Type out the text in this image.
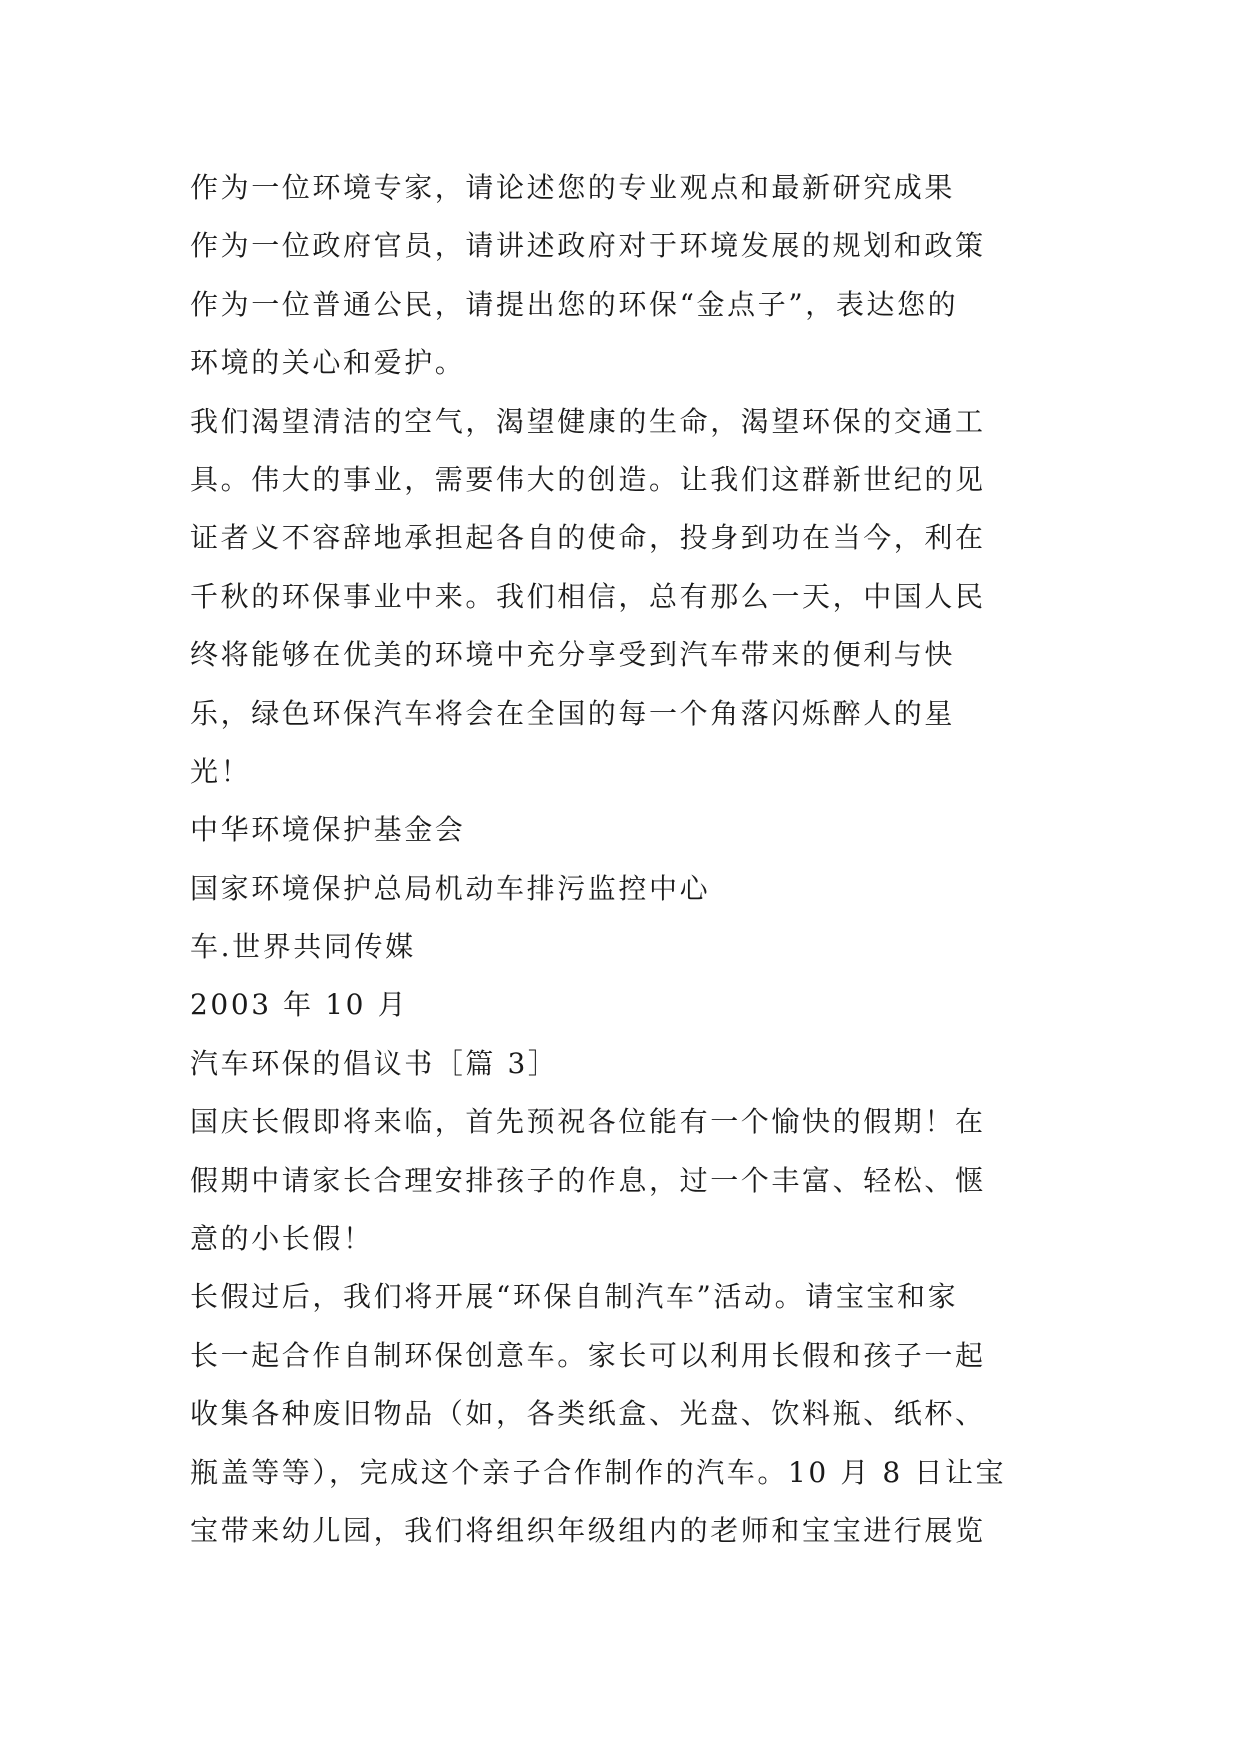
作为一位环境专家，请论述您的专业观点和最新研究成果
作为一位政府官员，请讲述政府对于环境发展的规划和政策
作为一位普通公民，请提出您的环保“金点子”，表达您的
环境的关心和爱护。
我们渴望清洁的空气，渴望健康的生命，渴望环保的交通工
具。伟大的事业，需要伟大的创造。让我们这群新世纪的见
证者义不容辞地承担起各自的使命，投身到功在当今，利在
千秋的环保事业中来。我们相信，总有那么一天，中国人民
终将能够在优美的环境中充分享受到汽车带来的便利与快
乐，绿色环保汽车将会在全国的每一个角落闪烁醉人的星
光！
中华环境保护基金会
国家环境保护总局机动车排污监控中心
车.世界共同传媒
2003 年 10 月
汽车环保的倡议书［篇 3］
国庆长假即将来临，首先预祝各位能有一个愉快的假期！在
假期中请家长合理安排孩子的作息，过一个丰富、轻松、惬
意的小长假！
长假过后，我们将开展“环保自制汽车”活动。请宝宝和家
长一起合作自制环保创意车。家长可以利用长假和孩子一起
收集各种废旧物品（如，各类纸盒、光盘、饮料瓶、纸杯、
瓶盖等等），完成这个亲子合作制作的汽车。10 月 8 日让宝
宝带来幼儿园，我们将组织年级组内的老师和宝宝进行展览
